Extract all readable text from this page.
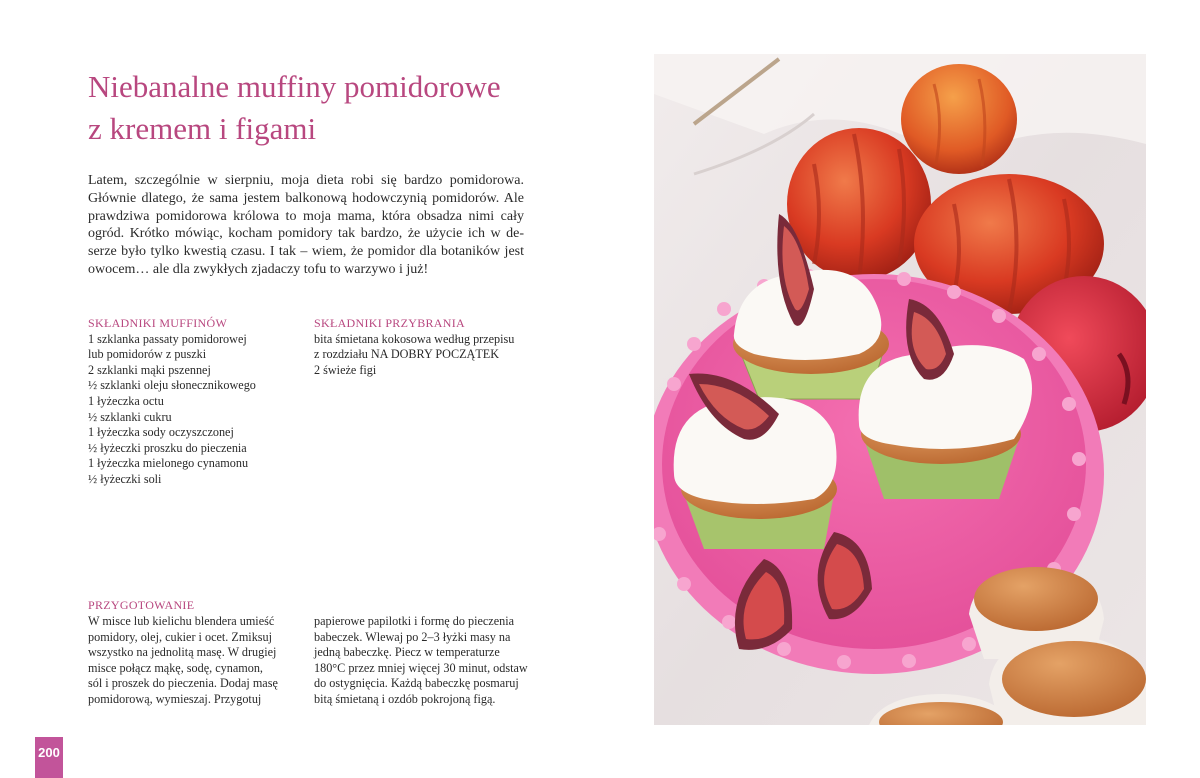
Niebanalne muffiny pomidorowe
z kremem i figami

Latem, szczególnie w sierpniu, moja dieta robi się bardzo pomidorowa. Głównie dlatego, że sama jestem balkonową hodowczynią pomidorów. Ale prawdziwa pomidorowa królowa to moja mama, która obsadza nimi cały ogród. Krótko mówiąc, kocham pomidory tak bardzo, że użycie ich w deserze było tylko kwestią czasu. I tak – wiem, że pomidor dla botaników jest owocem… ale dla zwykłych zjadaczy tofu to warzywo i już!

SKŁADNIKI MUFFINÓW
1 szklanka passaty pomidorowej
lub pomidorów z puszki
2 szklanki mąki pszennej
½ szklanki oleju słonecznikowego
1 łyżeczka octu
½ szklanki cukru
1 łyżeczka sody oczyszczonej
½ łyżeczki proszku do pieczenia
1 łyżeczka mielonego cynamonu
½ łyżeczki soli
SKŁADNIKI PRZYBRANIA
bita śmietana kokosowa według przepisu
z rozdziału NA DOBRY POCZĄTEK
2 świeże figi
PRZYGOTOWANIE
W misce lub kielichu blendera umieść
pomidory, olej, cukier i ocet. Zmiksuj
wszystko na jednolitą masę. W drugiej
misce połącz mąkę, sodę, cynamon,
sól i proszek do pieczenia. Dodaj masę
pomidorową, wymieszaj. Przygotuj
papierowe papilotki i formę do pieczenia
babeczek. Wlewaj po 2–3 łyżki masy na
jedną babeczkę. Piecz w temperaturze
180°C przez mniej więcej 30 minut, odstaw
do ostygnięcia. Każdą babeczkę posmaruj
bitą śmietaną i ozdób pokrojoną figą.
200
